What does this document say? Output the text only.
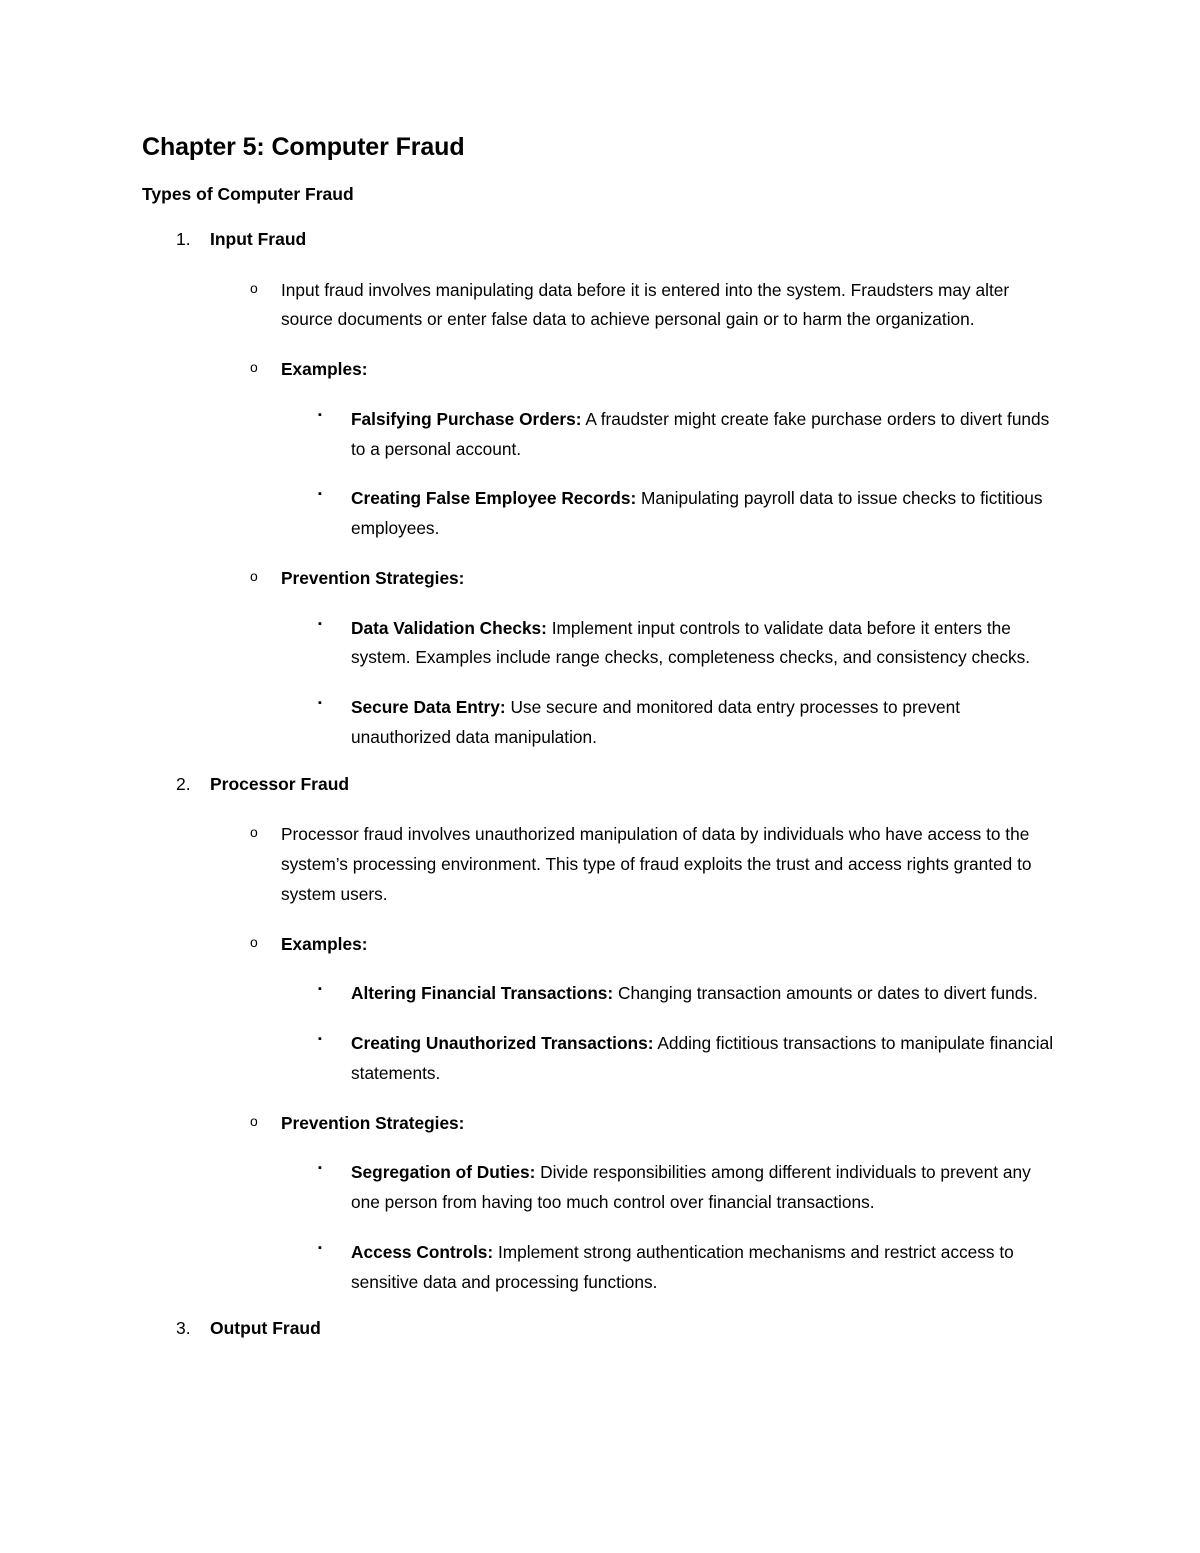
Chapter 5: Computer Fraud
Types of Computer Fraud
1. Input Fraud
o Input fraud involves manipulating data before it is entered into the system. Fraudsters may alter source documents or enter false data to achieve personal gain or to harm the organization.
o Examples:
▪ Falsifying Purchase Orders: A fraudster might create fake purchase orders to divert funds to a personal account.
▪ Creating False Employee Records: Manipulating payroll data to issue checks to fictitious employees.
o Prevention Strategies:
▪ Data Validation Checks: Implement input controls to validate data before it enters the system. Examples include range checks, completeness checks, and consistency checks.
▪ Secure Data Entry: Use secure and monitored data entry processes to prevent unauthorized data manipulation.
2. Processor Fraud
o Processor fraud involves unauthorized manipulation of data by individuals who have access to the system’s processing environment. This type of fraud exploits the trust and access rights granted to system users.
o Examples:
▪ Altering Financial Transactions: Changing transaction amounts or dates to divert funds.
▪ Creating Unauthorized Transactions: Adding fictitious transactions to manipulate financial statements.
o Prevention Strategies:
▪ Segregation of Duties: Divide responsibilities among different individuals to prevent any one person from having too much control over financial transactions.
▪ Access Controls: Implement strong authentication mechanisms and restrict access to sensitive data and processing functions.
3. Output Fraud
